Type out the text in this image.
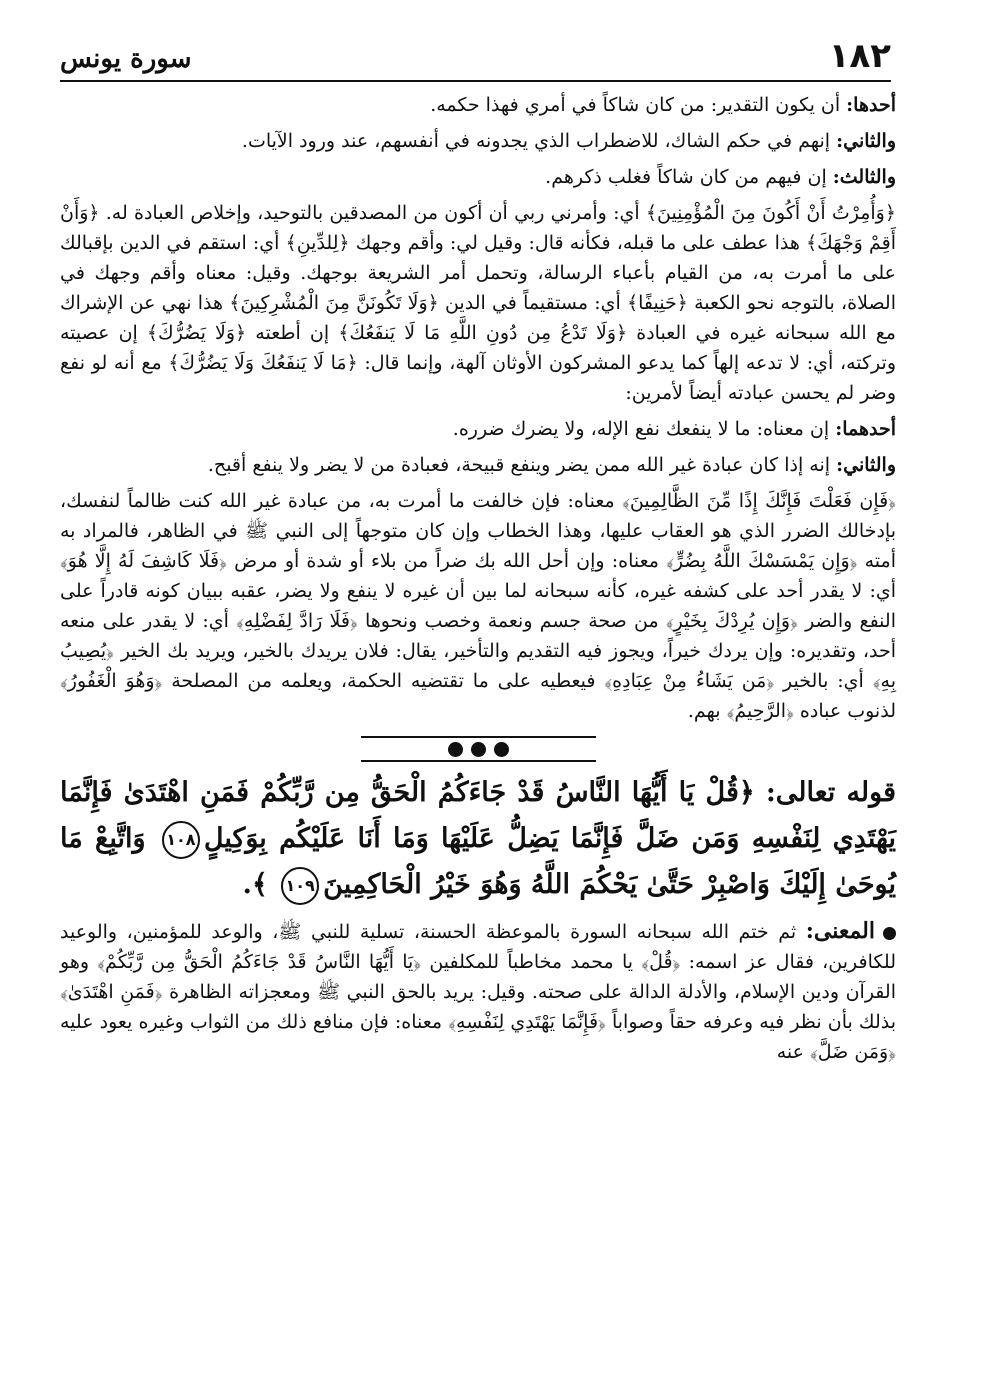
سورة يونس	١٨٢

أحدها: أن يكون التقدير: من كان شاكاً في أمري فهذا حكمه.

والثاني: إنهم في حكم الشاك، للاضطراب الذي يجدونه في أنفسهم، عند ورود الآيات.

والثالث: إن فيهم من كان شاكاً فغلب ذكرهم.

﴿وَأُمِرْتُ أَنْ أَكُونَ مِنَ الْمُؤْمِنِينَ﴾ أي: وأمرني ربي أن أكون من المصدقين بالتوحيد، وإخلاص العبادة له. ﴿وَأَنْ أَقِمْ وَجْهَكَ﴾ هذا عطف على ما قبله، فكأنه قال: وقيل لي: وأقم وجهك ﴿لِلدِّينِ﴾ أي: استقم في الدين بإقبالك على ما أمرت به، من القيام بأعباء الرسالة، وتحمل أمر الشريعة بوجهك. وقيل: معناه وأقم وجهك في الصلاة، بالتوجه نحو الكعبة ﴿حَنِيفًا﴾ أي: مستقيماً في الدين ﴿وَلَا تَكُونَنَّ مِنَ الْمُشْرِكِينَ﴾ هذا نهي عن الإشراك مع الله سبحانه غيره في العبادة ﴿وَلَا تَدْعُ مِن دُونِ اللَّهِ مَا لَا يَنفَعُكَ﴾ إن أطعته ﴿وَلَا يَضُرُّكَ﴾ إن عصيته وتركته، أي: لا تدعه إلهاً كما يدعو المشركون الأوثان آلهة، وإنما قال: ﴿مَا لَا يَنفَعُكَ وَلَا يَضُرُّكَ﴾ مع أنه لو نفع وضر لم يحسن عبادته أيضاً لأمرين:

أحدهما: إن معناه: ما لا ينفعك نفع الإله، ولا يضرك ضرره.

والثاني: إنه إذا كان عبادة غير الله ممن يضر وينفع قبيحة، فعبادة من لا يضر ولا ينفع أقبح.

﴿فَإِن فَعَلْتَ فَإِنَّكَ إِذًا مِّنَ الظَّالِمِينَ﴾ معناه: فإن خالفت ما أمرت به، من عبادة غير الله كنت ظالماً لنفسك، بإدخالك الضرر الذي هو العقاب عليها، وهذا الخطاب وإن كان متوجهاً إلى النبي ﷺ في الظاهر، فالمراد به أمته ﴿وَإِن يَمْسَسْكَ اللَّهُ بِضُرٍّ﴾ معناه: وإن أحل الله بك ضراً من بلاء أو شدة أو مرض ﴿فَلَا كَاشِفَ لَهُ إِلَّا هُوَ﴾ أي: لا يقدر أحد على كشفه غيره، كأنه سبحانه لما بين أن غيره لا ينفع ولا يضر، عقبه ببيان كونه قادراً على النفع والضر ﴿وَإِن يُرِدْكَ بِخَيْرٍ﴾ من صحة جسم ونعمة وخصب ونحوها ﴿فَلَا رَادَّ لِفَضْلِهِ﴾ أي: لا يقدر على منعه أحد، وتقديره: وإن يردك خيراً، ويجوز فيه التقديم والتأخير، يقال: فلان يريدك بالخير، ويريد بك الخير ﴿يُصِيبُ بِهِ﴾ أي: بالخير ﴿مَن يَشَاءُ مِنْ عِبَادِهِ﴾ فيعطيه على ما تقتضيه الحكمة، ويعلمه من المصلحة ﴿وَهُوَ الْغَفُورُ﴾ لذنوب عباده ﴿الرَّحِيمُ﴾ بهم.

قوله تعالى: ﴿قُلْ يَا أَيُّهَا النَّاسُ قَدْ جَاءَكُمُ الْحَقُّ مِن رَّبِّكُمْ فَمَنِ اهْتَدَىٰ فَإِنَّمَا يَهْتَدِي لِنَفْسِهِ وَمَن ضَلَّ فَإِنَّمَا يَضِلُّ عَلَيْهَا وَمَا أَنَا عَلَيْكُم بِوَكِيلٍ١٠٨ وَاتَّبِعْ مَا يُوحَىٰ إِلَيْكَ وَاصْبِرْ حَتَّىٰ يَحْكُمَ اللَّهُ وَهُوَ خَيْرُ الْحَاكِمِينَ١٠٩ ﴾.

المعنى: ثم ختم الله سبحانه السورة بالموعظة الحسنة، تسلية للنبي ﷺ، والوعد للمؤمنين، والوعيد للكافرين، فقال عز اسمه: ﴿قُلْ﴾ يا محمد مخاطباً للمكلفين ﴿يَا أَيُّهَا النَّاسُ قَدْ جَاءَكُمُ الْحَقُّ مِن رَّبِّكُمْ﴾ وهو القرآن ودين الإسلام، والأدلة الدالة على صحته. وقيل: يريد بالحق النبي ﷺ ومعجزاته الظاهرة ﴿فَمَنِ اهْتَدَىٰ﴾ بذلك بأن نظر فيه وعرفه حقاً وصواباً ﴿فَإِنَّمَا يَهْتَدِي لِنَفْسِهِ﴾ معناه: فإن منافع ذلك من الثواب وغيره يعود عليه ﴿وَمَن ضَلَّ﴾ عنه
